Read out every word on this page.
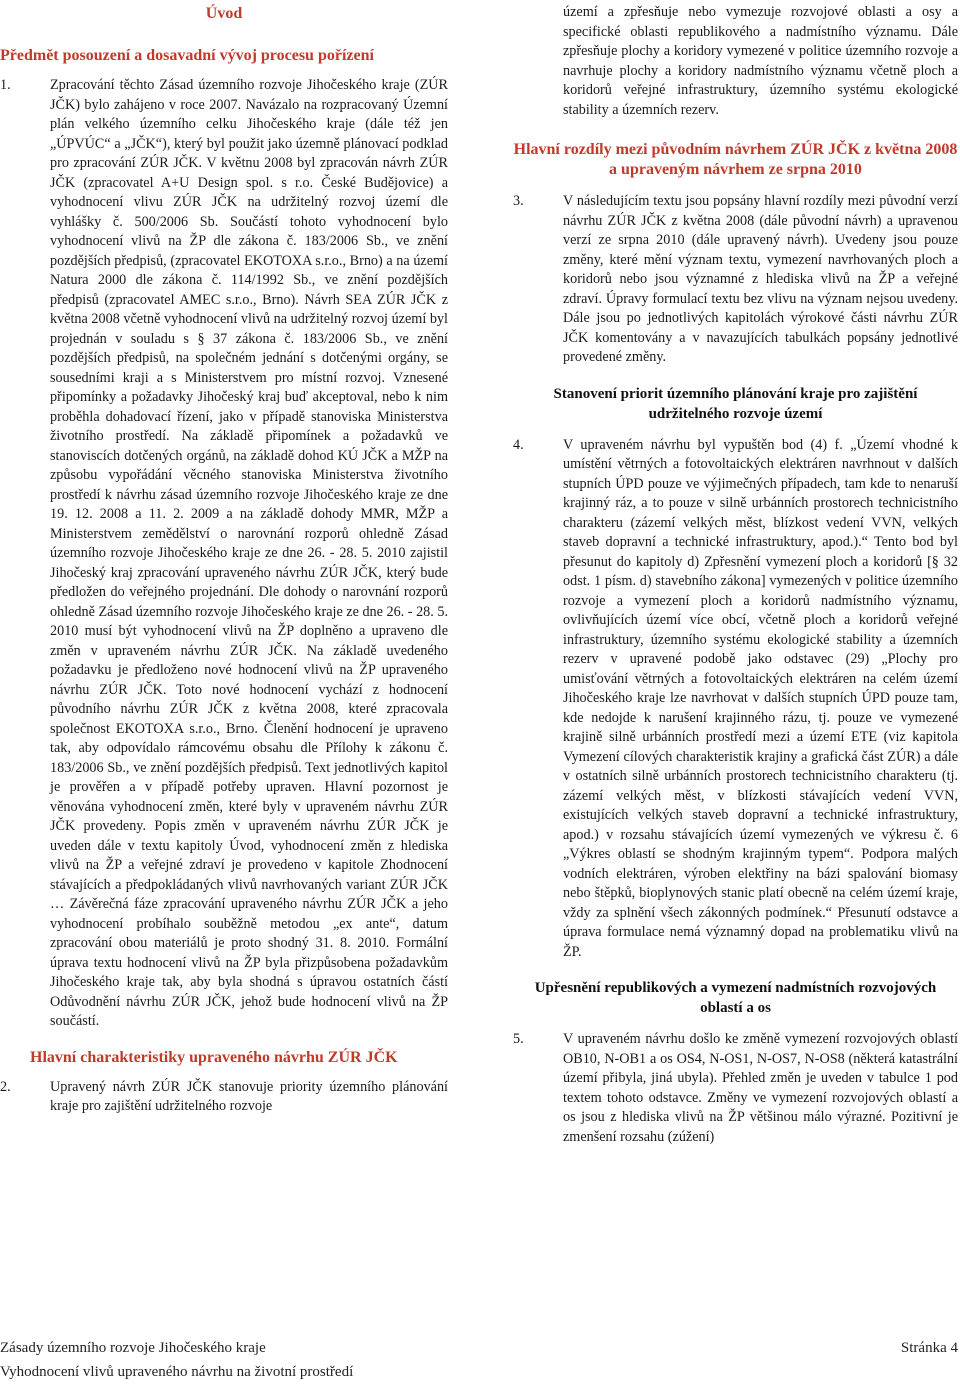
Úvod
Předmět posouzení a dosavadní vývoj procesu pořízení
1.	Zpracování těchto Zásad územního rozvoje Jihočeského kraje (ZÚR JČK) bylo zahájeno v roce 2007. Navázalo na rozpracovaný Územní plán velkého územního celku Jihočeského kraje (dále též jen „ÚPVÚC“ a „JČK“), který byl použit jako územně plánovací podklad pro zpracování ZÚR JČK. V květnu 2008 byl zpracován návrh ZÚR JČK (zpracovatel A+U Design spol. s r.o. České Budějovice) a vyhodnocení vlivu ZÚR JČK na udržitelný rozvoj území dle vyhlášky č. 500/2006 Sb. Součástí tohoto vyhodnocení bylo vyhodnocení vlivů na ŽP dle zákona č. 183/2006 Sb., ve znění pozdějších předpisů, (zpracovatel EKOTOXA s.r.o., Brno) a na území Natura 2000 dle zákona č. 114/1992 Sb., ve znění pozdějších předpisů (zpracovatel AMEC s.r.o., Brno). Návrh SEA ZÚR JČK z května 2008 včetně vyhodnocení vlivů na udržitelný rozvoj území byl projednán v souladu s § 37 zákona č. 183/2006 Sb., ve znění pozdějších předpisů, na společném jednání s dotčenými orgány, se sousedními kraji a s Ministerstvem pro místní rozvoj. Vznesené připomínky a požadavky Jihočeský kraj buď akceptoval, nebo k nim proběhla dohadovací řízení, jako v případě stanoviska Ministerstva životního prostředí. Na základě připomínek a požadavků ve stanoviscích dotčených orgánů, na základě dohod KÚ JČK a MŽP na způsobu vypořádání věcného stanoviska Ministerstva životního prostředí k návrhu zásad územního rozvoje Jihočeského kraje ze dne 19. 12. 2008 a 11. 2. 2009 a na základě dohody MMR, MŽP a Ministerstvem zemědělství o narovnání rozporů ohledně Zásad územního rozvoje Jihočeského kraje ze dne 26. - 28. 5. 2010 zajistil Jihočeský kraj zpracování upraveného návrhu ZÚR JČK, který bude předložen do veřejného projednání. Dle dohody o narovnání rozporů ohledně Zásad územního rozvoje Jihočeského kraje ze dne 26. - 28. 5. 2010 musí být vyhodnocení vlivů na ŽP doplněno a upraveno dle změn v upraveném návrhu ZÚR JČK. Na základě uvedeného požadavku je předloženo nové hodnocení vlivů na ŽP upraveného návrhu ZÚR JČK. Toto nové hodnocení vychází z hodnocení původního návrhu ZÚR JČK z května 2008, které zpracovala společnost EKOTOXA s.r.o., Brno. Členění hodnocení je upraveno tak, aby odpovídalo rámcovému obsahu dle Přílohy k zákonu č. 183/2006 Sb., ve znění pozdějších předpisů. Text jednotlivých kapitol je prověřen a v případě potřeby upraven. Hlavní pozornost je věnována vyhodnocení změn, které byly v upraveném návrhu ZÚR JČK provedeny. Popis změn v upraveném návrhu ZÚR JČK je uveden dále v textu kapitoly Úvod, vyhodnocení změn z hlediska vlivů na ŽP a veřejné zdraví je provedeno v kapitole Zhodnocení stávajících a předpokládaných vlivů navrhovaných variant ZÚR JČK … Závěrečná fáze zpracování upraveného návrhu ZÚR JČK a jeho vyhodnocení probíhalo souběžně metodou „ex ante“, datum zpracování obou materiálů je proto shodný 31. 8. 2010. Formální úprava textu hodnocení vlivů na ŽP byla přizpůsobena požadavkům Jihočeského kraje tak, aby byla shodná s úpravou ostatních částí Odůvodnění návrhu ZÚR JČK, jehož bude hodnocení vlivů na ŽP součástí.
Hlavní charakteristiky upraveného návrhu ZÚR JČK
2.	Upravený návrh ZÚR JČK stanovuje priority územního plánování kraje pro zajištění udržitelného rozvoje
území a zpřesňuje nebo vymezuje rozvojové oblasti a osy a specifické oblasti republikového a nadmístního významu. Dále zpřesňuje plochy a koridory vymezené v politice územního rozvoje a navrhuje plochy a koridory nadmístního významu včetně ploch a koridorů veřejné infrastruktury, územního systému ekologické stability a územních rezerv.
Hlavní rozdíly mezi původním návrhem ZÚR JČK z května 2008 a upraveným návrhem ze srpna 2010
3.	V následujícím textu jsou popsány hlavní rozdíly mezi původní verzí návrhu ZÚR JČK z května 2008 (dále původní návrh) a upravenou verzí ze srpna 2010 (dále upravený návrh). Uvedeny jsou pouze změny, které mění význam textu, vymezení navrhovaných ploch a koridorů nebo jsou významné z hlediska vlivů na ŽP a veřejné zdraví. Úpravy formulací textu bez vlivu na význam nejsou uvedeny. Dále jsou po jednotlivých kapitolách výrokové části návrhu ZÚR JČK komentovány a v navazujících tabulkách popsány jednotlivé provedené změny.
Stanovení priorit územního plánování kraje pro zajištění udržitelného rozvoje území
4.	V upraveném návrhu byl vypuštěn bod (4) f. „Území vhodné k umístění větrných a fotovoltaických elektráren navrhnout v dalších stupních ÚPD pouze ve výjimečných případech, tam kde to nenaruší krajinný ráz, a to pouze v silně urbánních prostorech technicistního charakteru (zázemí velkých měst, blízkost vedení VVN, velkých staveb dopravní a technické infrastruktury, apod.).“ Tento bod byl přesunut do kapitoly d) Zpřesnění vymezení ploch a koridorů [§ 32 odst. 1 písm. d) stavebního zákona] vymezených v politice územního rozvoje a vymezení ploch a koridorů nadmístního významu, ovlivňujících území více obcí, včetně ploch a koridorů veřejné infrastruktury, územního systému ekologické stability a územních rezerv v upravené podobě jako odstavec (29) „Plochy pro umisťování větrných a fotovoltaických elektráren na celém území Jihočeského kraje lze navrhovat v dalších stupních ÚPD pouze tam, kde nedojde k narušení krajinného rázu, tj. pouze ve vymezené krajině silně urbánních prostředí mezi a území ETE (viz kapitola Vymezení cílových charakteristik krajiny a grafická část ZÚR) a dále v ostatních silně urbánních prostorech technicistního charakteru (tj. zázemí velkých měst, v blízkosti stávajících vedení VVN, existujících velkých staveb dopravní a technické infrastruktury, apod.) v rozsahu stávajících území vymezených ve výkresu č. 6 „Výkres oblastí se shodným krajinným typem“. Podpora malých vodních elektráren, výroben elektřiny na bázi spalování biomasy nebo štěpků, bioplynových stanic platí obecně na celém území kraje, vždy za splnění všech zákonných podmínek.“ Přesunutí odstavce a úprava formulace nemá významný dopad na problematiku vlivů na ŽP.
Upřesnění republikových a vymezení nadmístních rozvojových oblastí a os
5.	V upraveném návrhu došlo ke změně vymezení rozvojových oblastí OB10, N-OB1 a os OS4, N-OS1, N-OS7, N-OS8 (některá katastrální území přibyla, jiná ubyla). Přehled změn je uveden v tabulce 1 pod textem tohoto odstavce. Změny ve vymezení rozvojových oblastí a os jsou z hlediska vlivů na ŽP většinou málo výrazné. Pozitivní je zmenšení rozsahu (zúžení)
Zásady územního rozvoje Jihočeského kraje	Stránka 4
Vyhodnocení vlivů upraveného návrhu na životní prostředí
